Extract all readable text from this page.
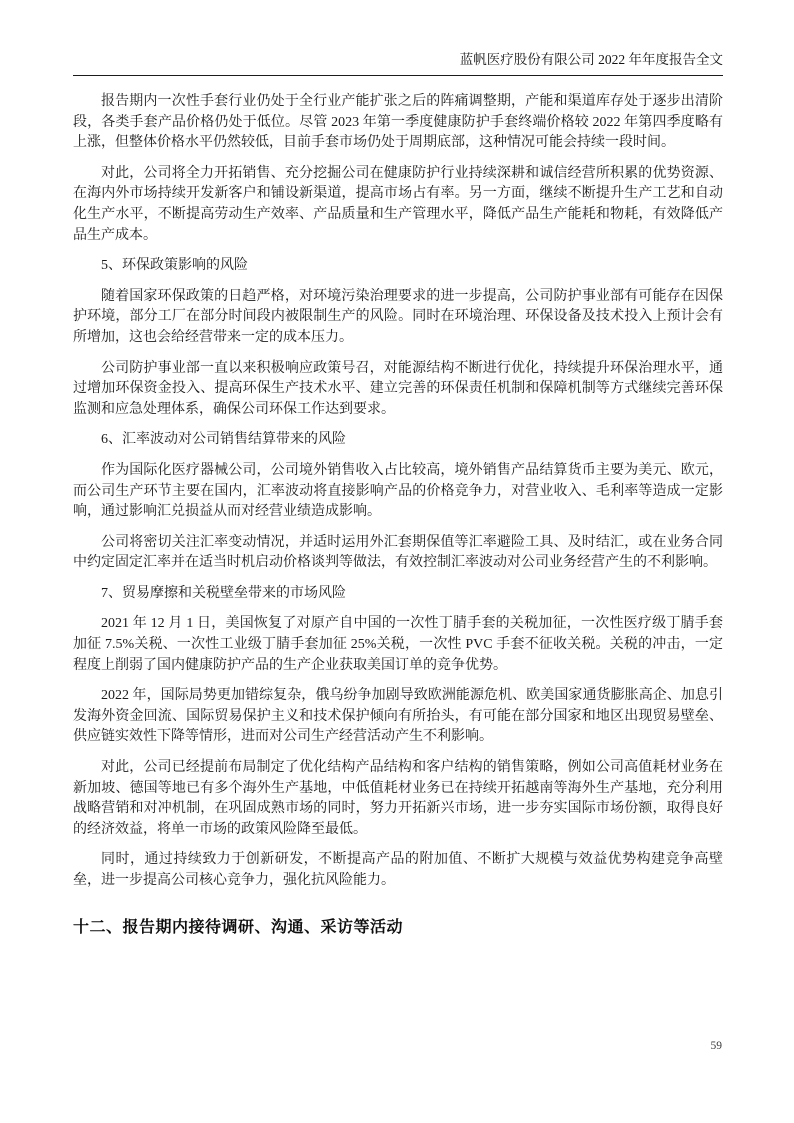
蓝帆医疗股份有限公司 2022 年年度报告全文

报告期内一次性手套行业仍处于全行业产能扩张之后的阵痛调整期，产能和渠道库存处于逐步出清阶段，各类手套产品价格仍处于低位。尽管 2023 年第一季度健康防护手套终端价格较 2022 年第四季度略有上涨，但整体价格水平仍然较低，目前手套市场仍处于周期底部，这种情况可能会持续一段时间。

对此，公司将全力开拓销售、充分挖掘公司在健康防护行业持续深耕和诚信经营所积累的优势资源、在海内外市场持续开发新客户和铺设新渠道，提高市场占有率。另一方面，继续不断提升生产工艺和自动化生产水平，不断提高劳动生产效率、产品质量和生产管理水平，降低产品生产能耗和物耗，有效降低产品生产成本。

5、环保政策影响的风险

随着国家环保政策的日趋严格，对环境污染治理要求的进一步提高，公司防护事业部有可能存在因保护环境，部分工厂在部分时间段内被限制生产的风险。同时在环境治理、环保设备及技术投入上预计会有所增加，这也会给经营带来一定的成本压力。

公司防护事业部一直以来积极响应政策号召，对能源结构不断进行优化，持续提升环保治理水平，通过增加环保资金投入、提高环保生产技术水平、建立完善的环保责任机制和保障机制等方式继续完善环保监测和应急处理体系，确保公司环保工作达到要求。

6、汇率波动对公司销售结算带来的风险

作为国际化医疗器械公司，公司境外销售收入占比较高，境外销售产品结算货币主要为美元、欧元，而公司生产环节主要在国内，汇率波动将直接影响产品的价格竞争力，对营业收入、毛利率等造成一定影响，通过影响汇兑损益从而对经营业绩造成影响。

公司将密切关注汇率变动情况，并适时运用外汇套期保值等汇率避险工具、及时结汇，或在业务合同中约定固定汇率并在适当时机启动价格谈判等做法，有效控制汇率波动对公司业务经营产生的不利影响。

7、贸易摩擦和关税壁垒带来的市场风险

2021 年 12 月 1 日，美国恢复了对原产自中国的一次性丁腈手套的关税加征，一次性医疗级丁腈手套加征 7.5%关税、一次性工业级丁腈手套加征 25%关税，一次性 PVC 手套不征收关税。关税的冲击，一定程度上削弱了国内健康防护产品的生产企业获取美国订单的竞争优势。

2022 年，国际局势更加错综复杂，俄乌纷争加剧导致欧洲能源危机、欧美国家通货膨胀高企、加息引发海外资金回流、国际贸易保护主义和技术保护倾向有所抬头，有可能在部分国家和地区出现贸易壁垒、供应链实效性下降等情形，进而对公司生产经营活动产生不利影响。

对此，公司已经提前布局制定了优化结构产品结构和客户结构的销售策略，例如公司高值耗材业务在新加坡、德国等地已有多个海外生产基地，中低值耗材业务已在持续开拓越南等海外生产基地，充分利用战略营销和对冲机制，在巩固成熟市场的同时，努力开拓新兴市场，进一步夯实国际市场份额，取得良好的经济效益，将单一市场的政策风险降至最低。

同时，通过持续致力于创新研发，不断提高产品的附加值、不断扩大规模与效益优势构建竞争高壁垒，进一步提高公司核心竞争力，强化抗风险能力。

十二、报告期内接待调研、沟通、采访等活动
59
